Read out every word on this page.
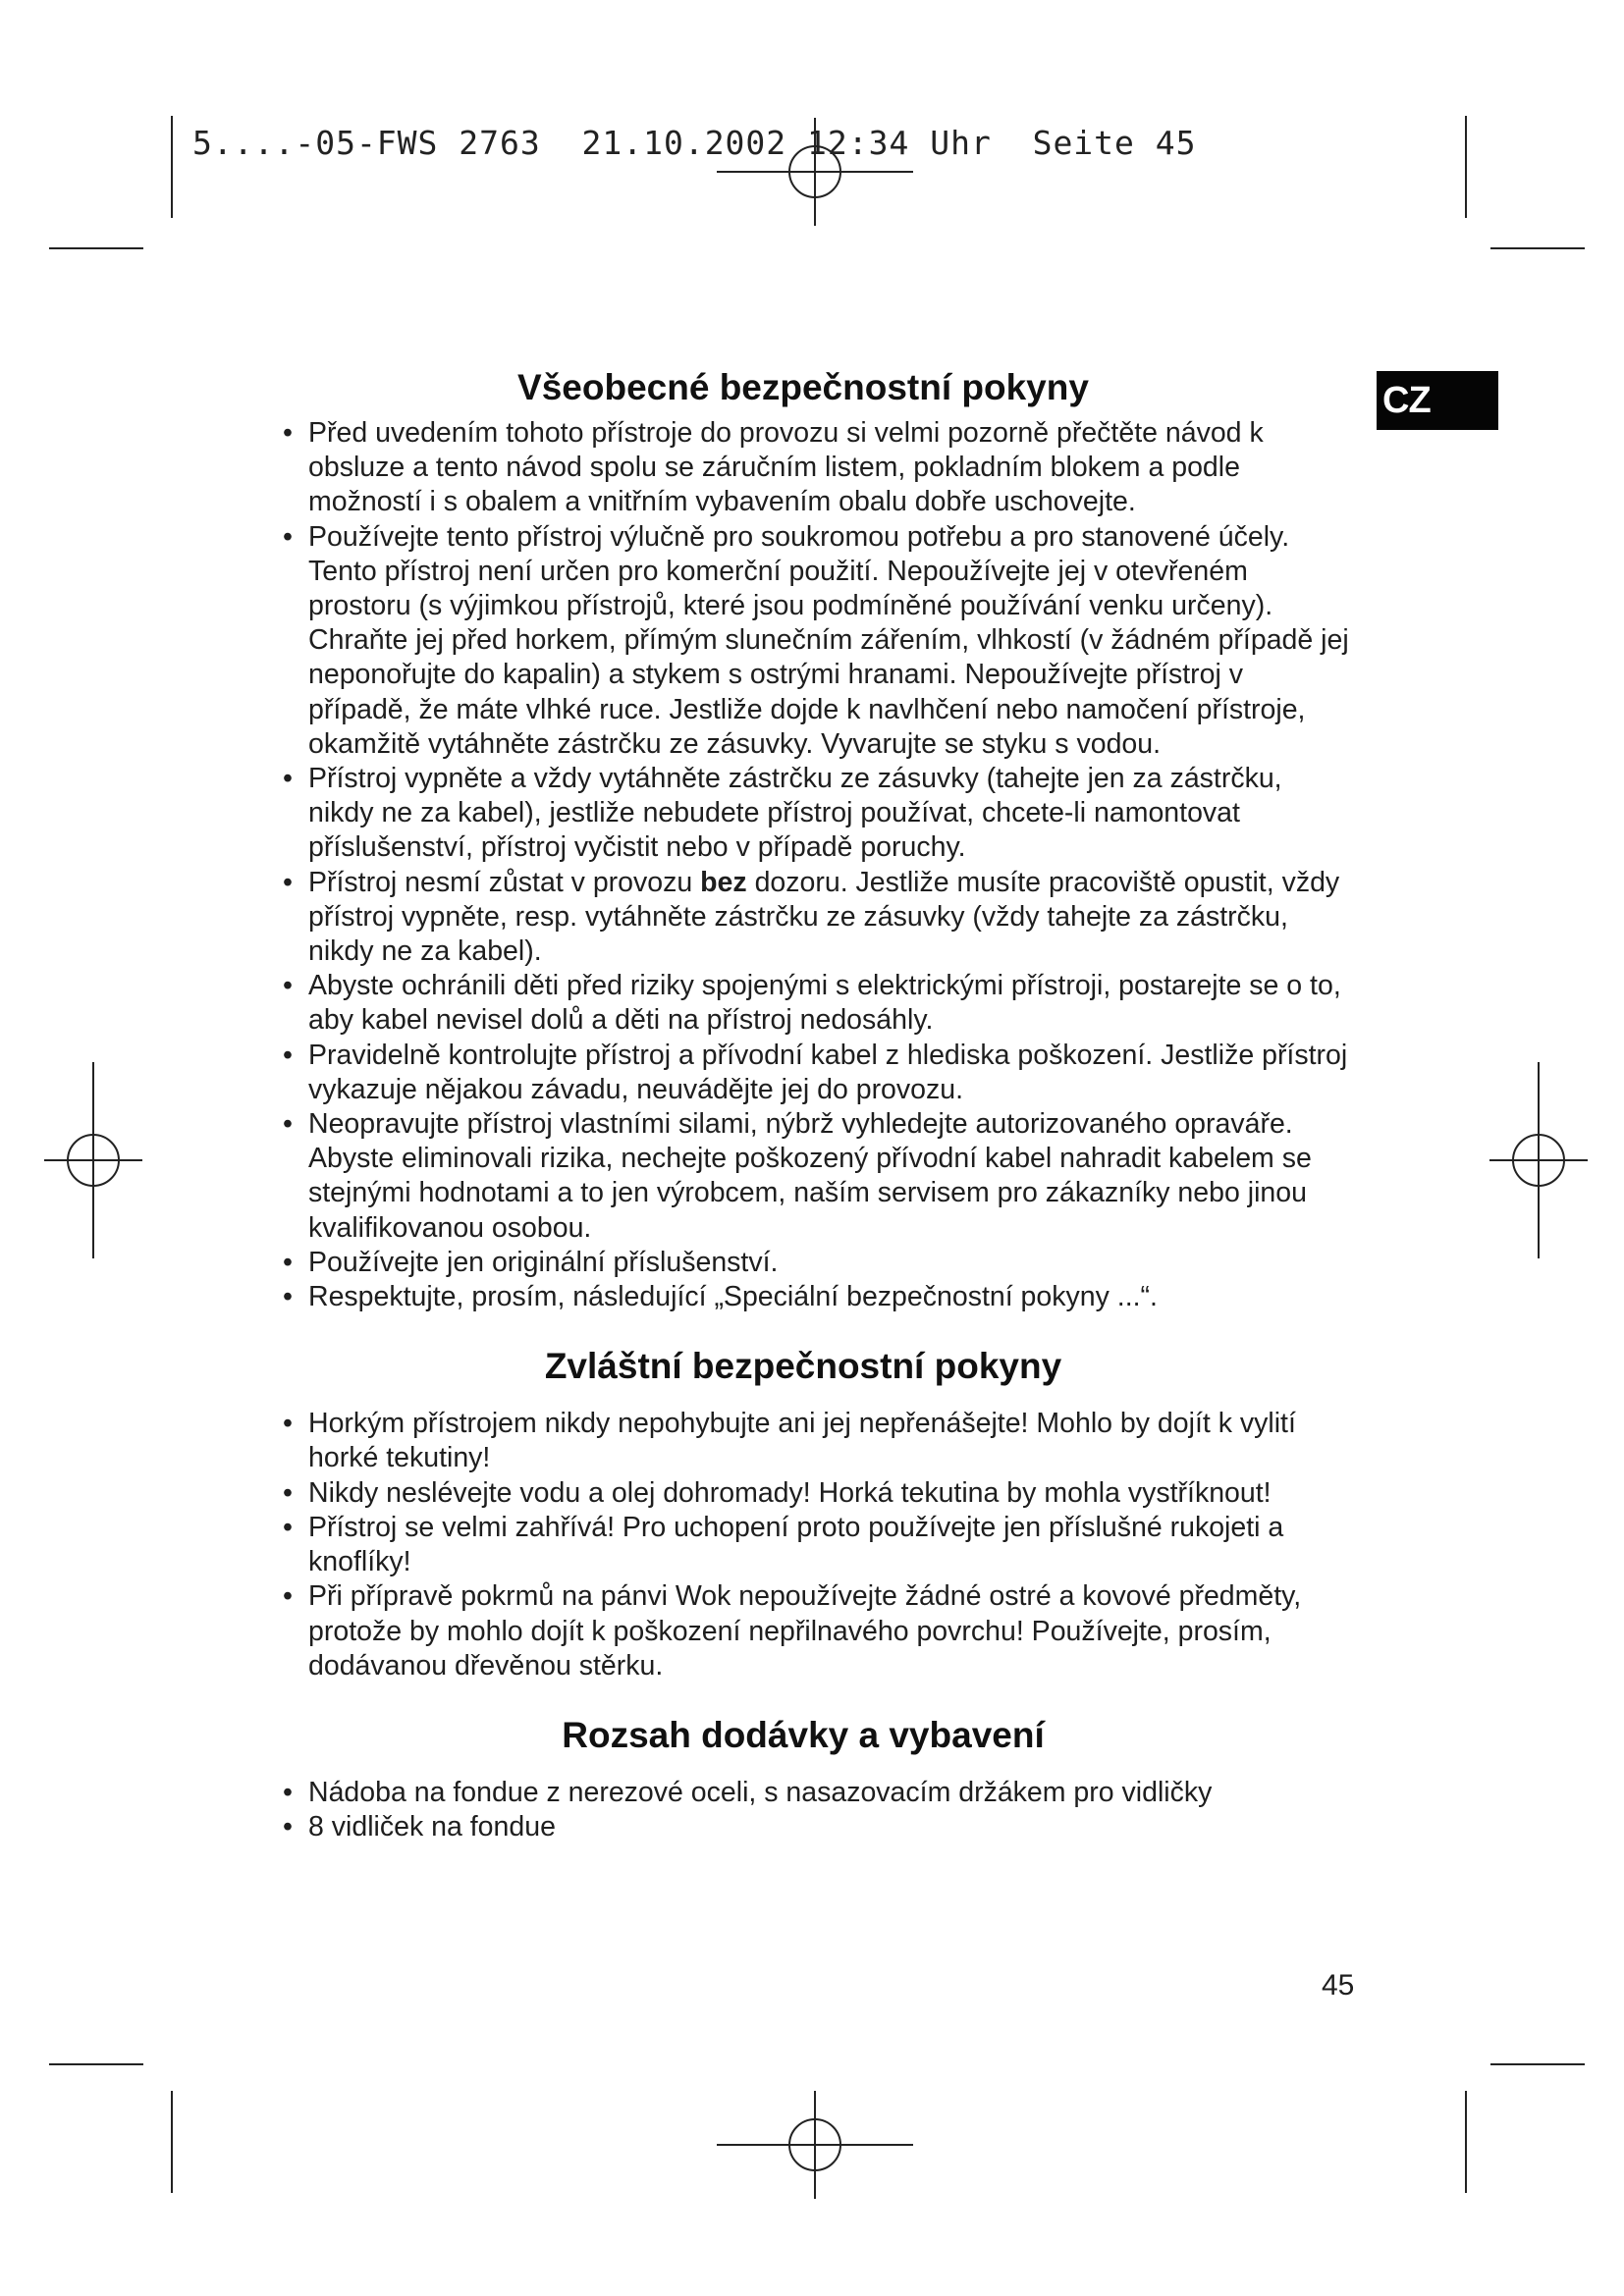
5....-05-FWS 2763  21.10.2002 12:34 Uhr  Seite 45
CZ
Všeobecné bezpečnostní pokyny
• Před uvedením tohoto přístroje do provozu si velmi pozorně přečtěte návod k obsluze a tento návod spolu se záručním listem, pokladním blokem a podle možností i s obalem a vnitřním vybavením obalu dobře uschovejte.
• Používejte tento přístroj výlučně pro soukromou potřebu a pro stanovené účely. Tento přístroj není určen pro komerční použití. Nepoužívejte jej v otevřeném prostoru (s výjimkou přístrojů, které jsou podmíněné používání venku určeny). Chraňte jej před horkem, přímým slunečním zářením, vlhkostí (v žádném případě jej neponořujte do kapalin) a stykem s ostrými hranami. Nepoužívejte přístroj v případě, že máte vlhké ruce. Jestliže dojde k navlhčení nebo namočení přístroje, okamžitě vytáhněte zástrčku ze zásuvky. Vyvarujte se styku s vodou.
• Přístroj vypněte a vždy vytáhněte zástrčku ze zásuvky (tahejte jen za zástrčku, nikdy ne za kabel), jestliže nebudete přístroj používat, chcete-li namontovat příslušenství, přístroj vyčistit nebo v případě poruchy.
• Přístroj nesmí zůstat v provozu bez dozoru. Jestliže musíte pracoviště opustit, vždy přístroj vypněte, resp. vytáhněte zástrčku ze zásuvky (vždy tahejte za zástrčku, nikdy ne za kabel).
• Abyste ochránili děti před riziky spojenými s elektrickými přístroji, postarejte se o to, aby kabel nevisel dolů a děti na přístroj nedosáhly.
• Pravidelně kontrolujte přístroj a přívodní kabel z hlediska poškození. Jestliže přístroj vykazuje nějakou závadu, neuvádějte jej do provozu.
• Neopravujte přístroj vlastními silami, nýbrž vyhledejte autorizovaného opraváře. Abyste eliminovali rizika, nechejte poškozený přívodní kabel nahradit kabelem se stejnými hodnotami a to jen výrobcem, naším servisem pro zákazníky nebo jinou kvalifikovanou osobou.
• Používejte jen originální příslušenství.
• Respektujte, prosím, následující „Speciální bezpečnostní pokyny ...“.
Zvláštní bezpečnostní pokyny
• Horkým přístrojem nikdy nepohybujte ani jej nepřenášejte! Mohlo by dojít k vylití horké tekutiny!
• Nikdy neslévejte vodu a olej dohromady! Horká tekutina by mohla vystříknout!
• Přístroj se velmi zahřívá! Pro uchopení proto používejte jen příslušné rukojeti a knoflíky!
• Při přípravě pokrmů na pánvi Wok nepoužívejte žádné ostré a kovové předměty, protože by mohlo dojít k poškození nepřilnavého povrchu! Používejte, prosím, dodávanou dřevěnou stěrku.
Rozsah dodávky a vybavení
• Nádoba na fondue z nerezové oceli, s nasazovacím držákem pro vidličky
• 8 vidliček na fondue
45
